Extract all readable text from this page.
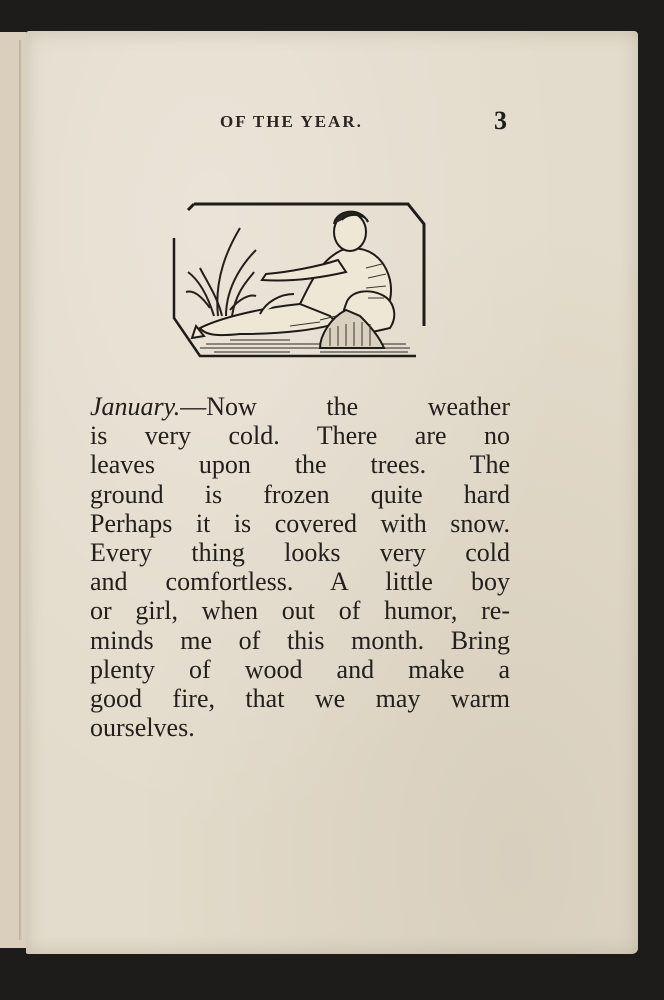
OF THE YEAR.	3
January.—Now the weather
is very cold. There are no
leaves upon the trees. The
ground is frozen quite hard
Perhaps it is covered with snow.
Every thing looks very cold
and comfortless. A little boy
or girl, when out of humor, re-
minds me of this month. Bring
plenty of wood and make a
good fire, that we may warm
ourselves.
